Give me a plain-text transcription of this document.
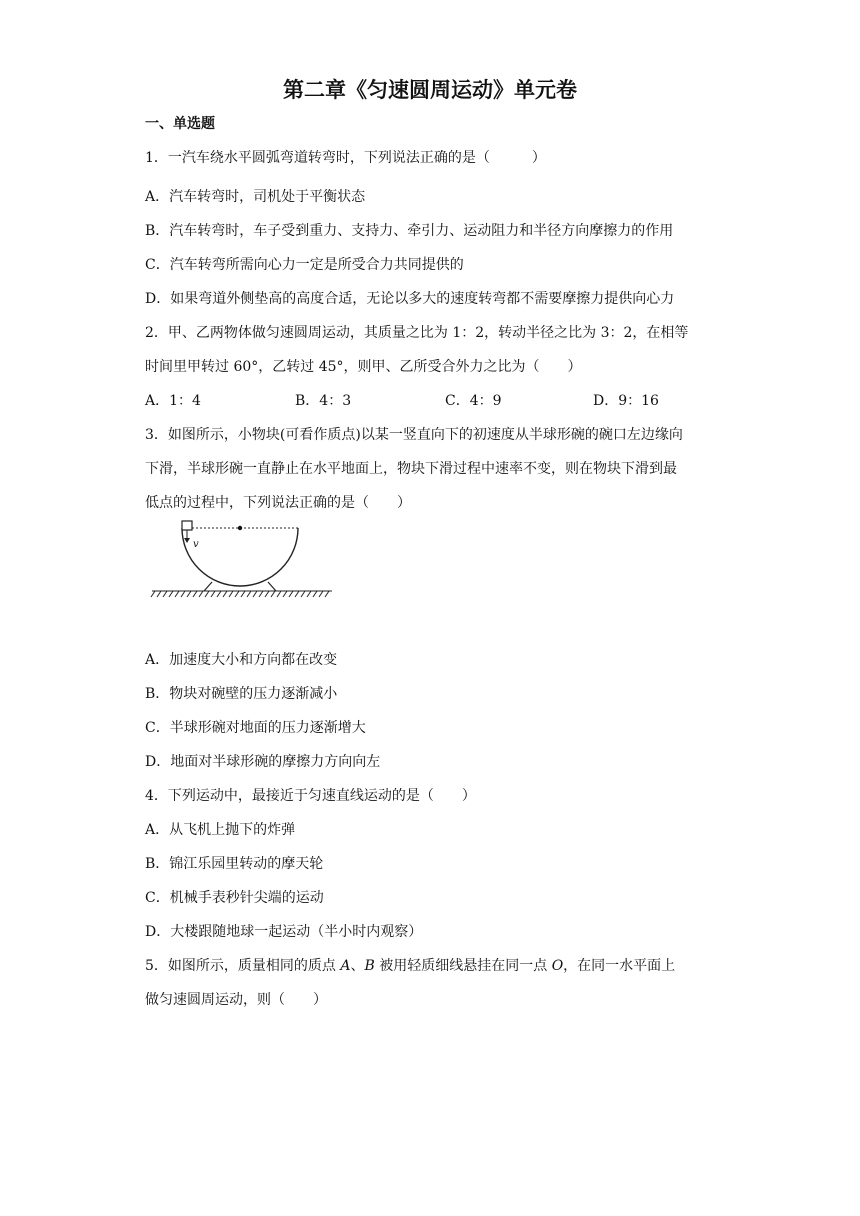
第二章《匀速圆周运动》单元卷
一、单选题
1．一汽车绕水平圆弧弯道转弯时，下列说法正确的是（　　　）
A．汽车转弯时，司机处于平衡状态
B．汽车转弯时，车子受到重力、支持力、牵引力、运动阻力和半径方向摩擦力的作用
C．汽车转弯所需向心力一定是所受合力共同提供的
D．如果弯道外侧垫高的高度合适，无论以多大的速度转弯都不需要摩擦力提供向心力
2．甲、乙两物体做匀速圆周运动，其质量之比为 1：2，转动半径之比为 3：2，在相等
时间里甲转过 60°，乙转过 45°，则甲、乙所受合外力之比为（　　）
A．1：4	B．4：3	C．4：9	D．9：16
3．如图所示，小物块(可看作质点)以某一竖直向下的初速度从半球形碗的碗口左边缘向
下滑，半球形碗一直静止在水平地面上，物块下滑过程中速率不变，则在物块下滑到最
低点的过程中，下列说法正确的是（　　）
v
A．加速度大小和方向都在改变
B．物块对碗壁的压力逐渐减小
C．半球形碗对地面的压力逐渐增大
D．地面对半球形碗的摩擦力方向向左
4．下列运动中，最接近于匀速直线运动的是（　　）
A．从飞机上抛下的炸弹
B．锦江乐园里转动的摩天轮
C．机械手表秒针尖端的运动
D．大楼跟随地球一起运动（半小时内观察）
5．如图所示，质量相同的质点 A、B 被用轻质细线悬挂在同一点 O，在同一水平面上
做匀速圆周运动，则（　　）
